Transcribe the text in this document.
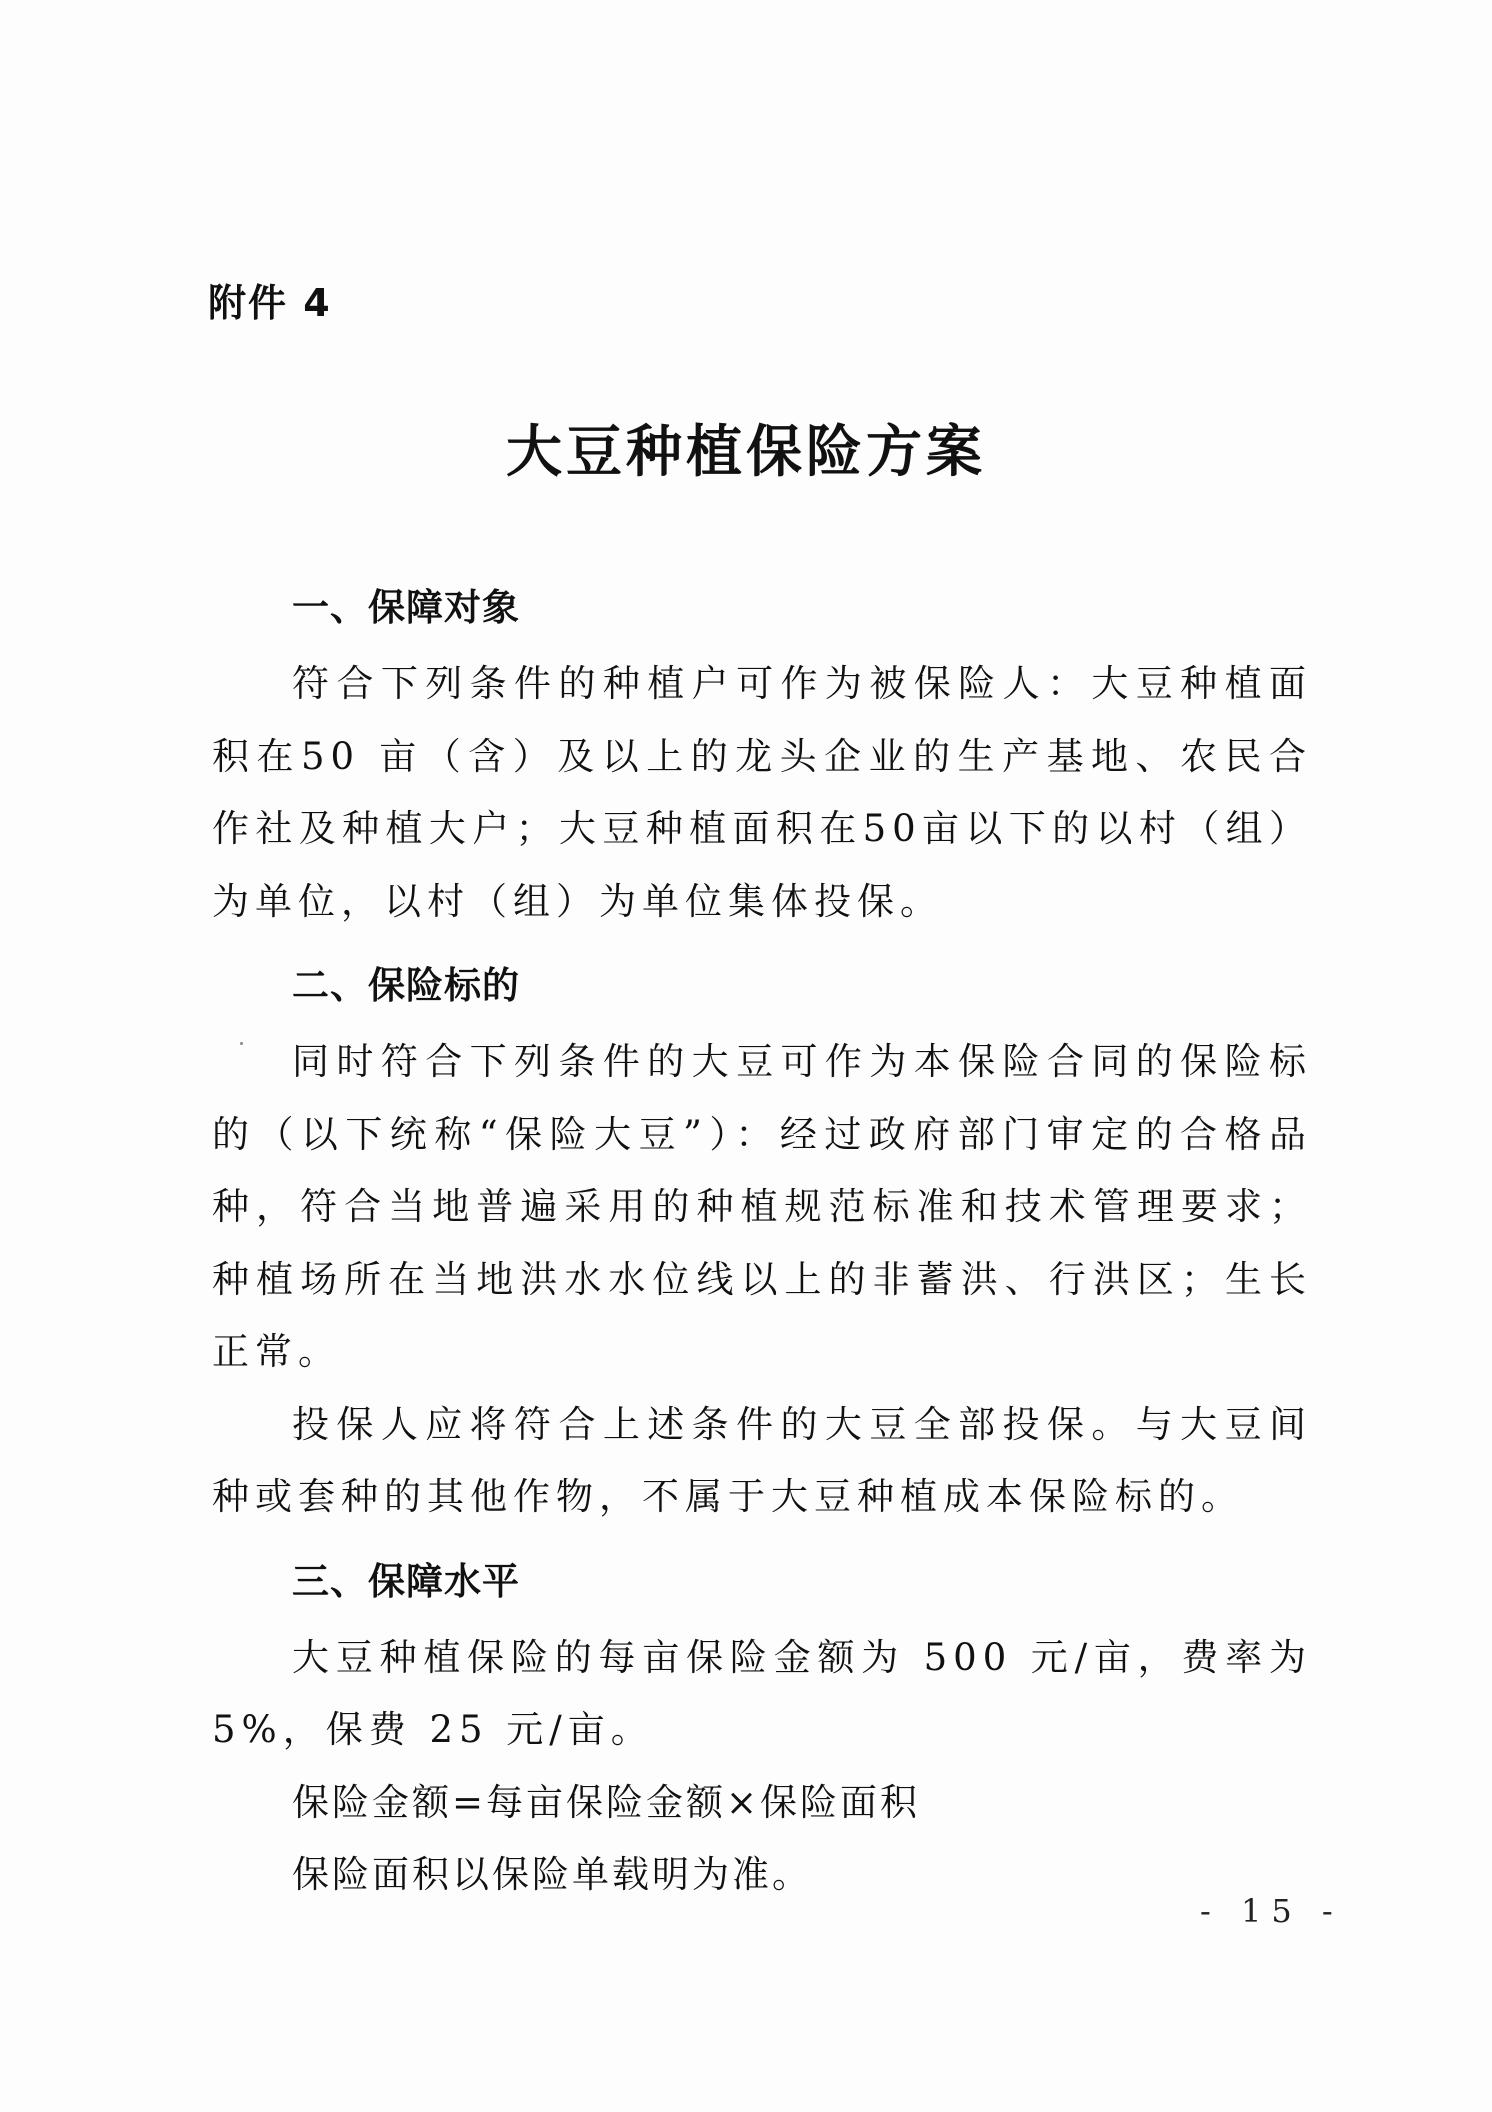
附件 4
大豆种植保险方案
一、保障对象

符合下列条件的种植户可作为被保险人：大豆种植面积在50 亩（含）及以上的龙头企业的生产基地、农民合作社及种植大户；大豆种植面积在50亩以下的以村（组）为单位，以村（组）为单位集体投保。

二、保险标的

同时符合下列条件的大豆可作为本保险合同的保险标的（以下统称“保险大豆”）：经过政府部门审定的合格品种，符合当地普遍采用的种植规范标准和技术管理要求；种植场所在当地洪水水位线以上的非蓄洪、行洪区；生长正常。

投保人应将符合上述条件的大豆全部投保。与大豆间种或套种的其他作物，不属于大豆种植成本保险标的。

三、保障水平

大豆种植保险的每亩保险金额为 500 元/亩，费率为 5%，保费 25 元/亩。

保险金额=每亩保险金额×保险面积
保险面积以保险单载明为准。
- 15 -
